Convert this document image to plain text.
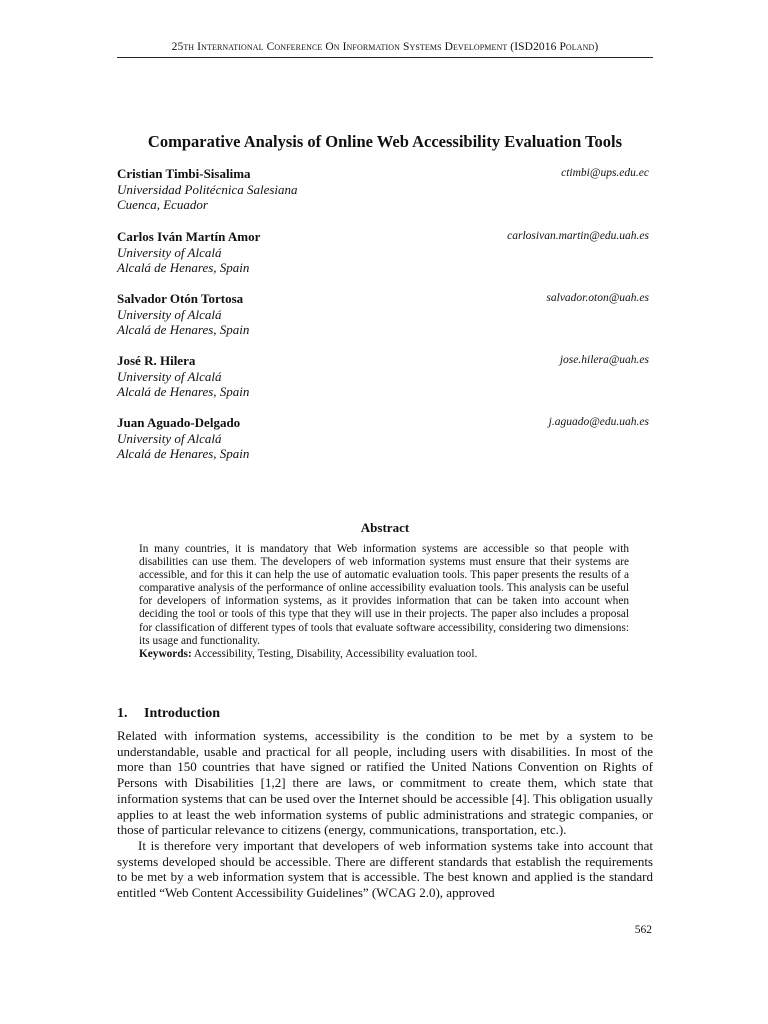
25th International Conference On Information Systems Development (ISD2016 Poland)
Comparative Analysis of Online Web Accessibility Evaluation Tools
Cristian Timbi-Sisalima	ctimbi@ups.edu.ec
Universidad Politécnica Salesiana
Cuenca, Ecuador
Carlos Iván Martín Amor	carlosivan.martin@edu.uah.es
University of Alcalá
Alcalá de Henares, Spain
Salvador Otón Tortosa	salvador.oton@uah.es
University of Alcalá
Alcalá de Henares, Spain
José R. Hilera	jose.hilera@uah.es
University of Alcalá
Alcalá de Henares, Spain
Juan Aguado-Delgado	j.aguado@edu.uah.es
University of Alcalá
Alcalá de Henares, Spain
Abstract

In many countries, it is mandatory that Web information systems are accessible so that people with disabilities can use them. The developers of web information systems must ensure that their systems are accessible, and for this it can help the use of automatic evaluation tools. This paper presents the results of a comparative analysis of the performance of online accessibility evaluation tools. This analysis can be useful for developers of information systems, as it provides information that can be taken into account when deciding the tool or tools of this type that they will use in their projects. The paper also includes a proposal for classification of different types of tools that evaluate software accessibility, considering two dimensions: its usage and functionality.

Keywords: Accessibility, Testing, Disability, Accessibility evaluation tool.

1. Introduction

Related with information systems, accessibility is the condition to be met by a system to be understandable, usable and practical for all people, including users with disabilities. In most of the more than 150 countries that have signed or ratified the United Nations Convention on Rights of Persons with Disabilities [1,2] there are laws, or commitment to create them, which state that information systems that can be used over the Internet should be accessible [4]. This obligation usually applies to at least the web information systems of public administrations and strategic companies, or those of particular relevance to citizens (energy, communications, transportation, etc.).

It is therefore very important that developers of web information systems take into account that systems developed should be accessible. There are different standards that establish the requirements to be met by a web information system that is accessible. The best known and applied is the standard entitled “Web Content Accessibility Guidelines” (WCAG 2.0), approved

562
